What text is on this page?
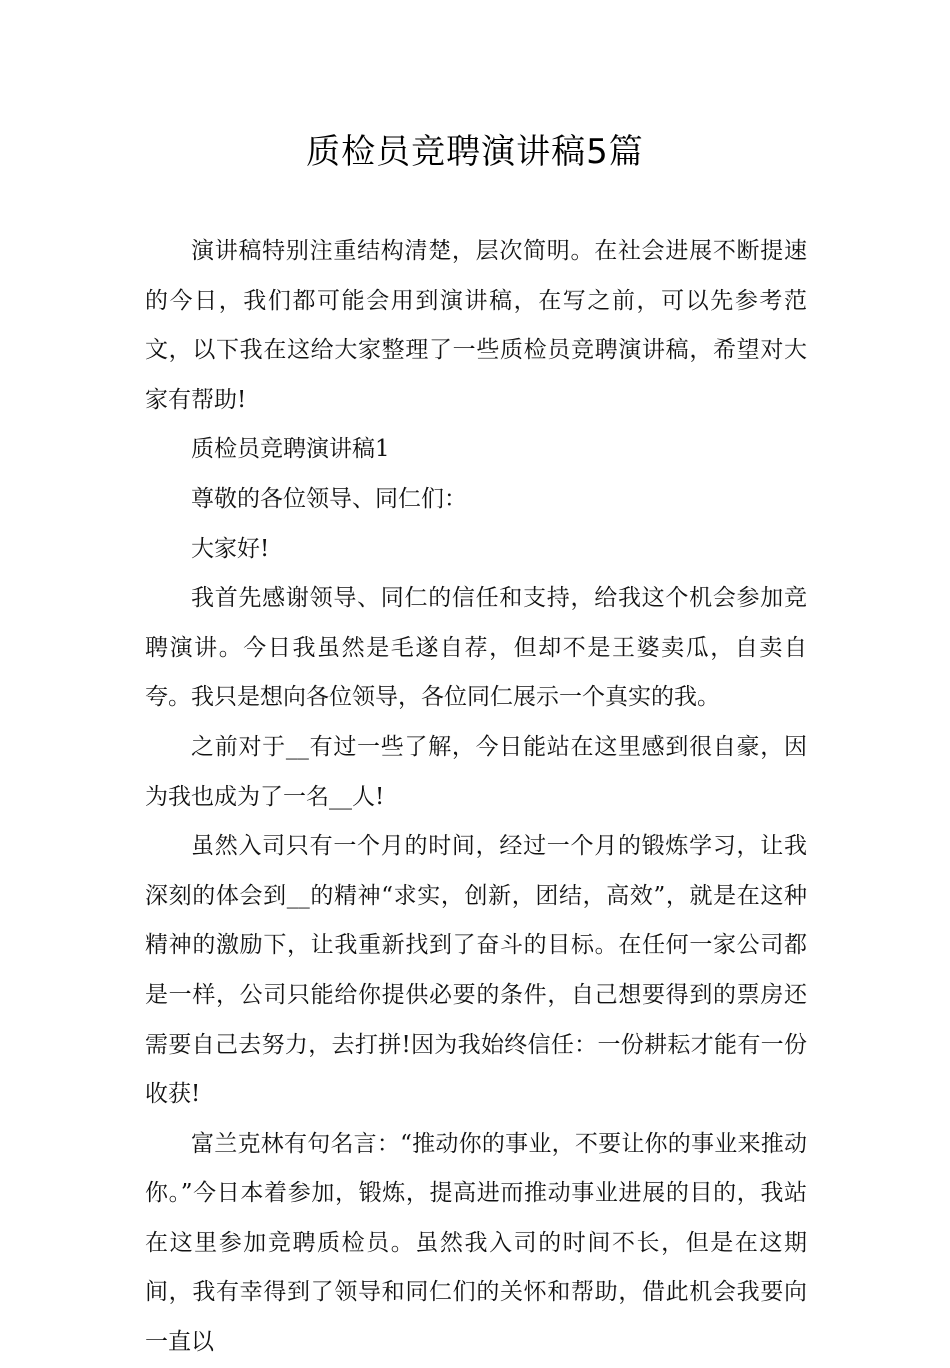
质检员竞聘演讲稿5篇

演讲稿特别注重结构清楚，层次简明。在社会进展不断提速的今日，我们都可能会用到演讲稿，在写之前，可以先参考范文，以下我在这给大家整理了一些质检员竞聘演讲稿，希望对大家有帮助!

质检员竞聘演讲稿1

尊敬的各位领导、同仁们：

大家好!

我首先感谢领导、同仁的信任和支持，给我这个机会参加竞聘演讲。今日我虽然是毛遂自荐，但却不是王婆卖瓜，自卖自夸。我只是想向各位领导，各位同仁展示一个真实的我。

之前对于__有过一些了解，今日能站在这里感到很自豪，因为我也成为了一名__人!

虽然入司只有一个月的时间，经过一个月的锻炼学习，让我深刻的体会到__的精神“求实，创新，团结，高效”，就是在这种精神的激励下，让我重新找到了奋斗的目标。在任何一家公司都是一样，公司只能给你提供必要的条件，自己想要得到的票房还需要自己去努力，去打拼!因为我始终信任：一份耕耘才能有一份收获!

富兰克林有句名言：“推动你的事业，不要让你的事业来推动你。”今日本着参加，锻炼，提高进而推动事业进展的目的，我站在这里参加竞聘质检员。虽然我入司的时间不长，但是在这期间，我有幸得到了领导和同仁们的关怀和帮助，借此机会我要向一直以
